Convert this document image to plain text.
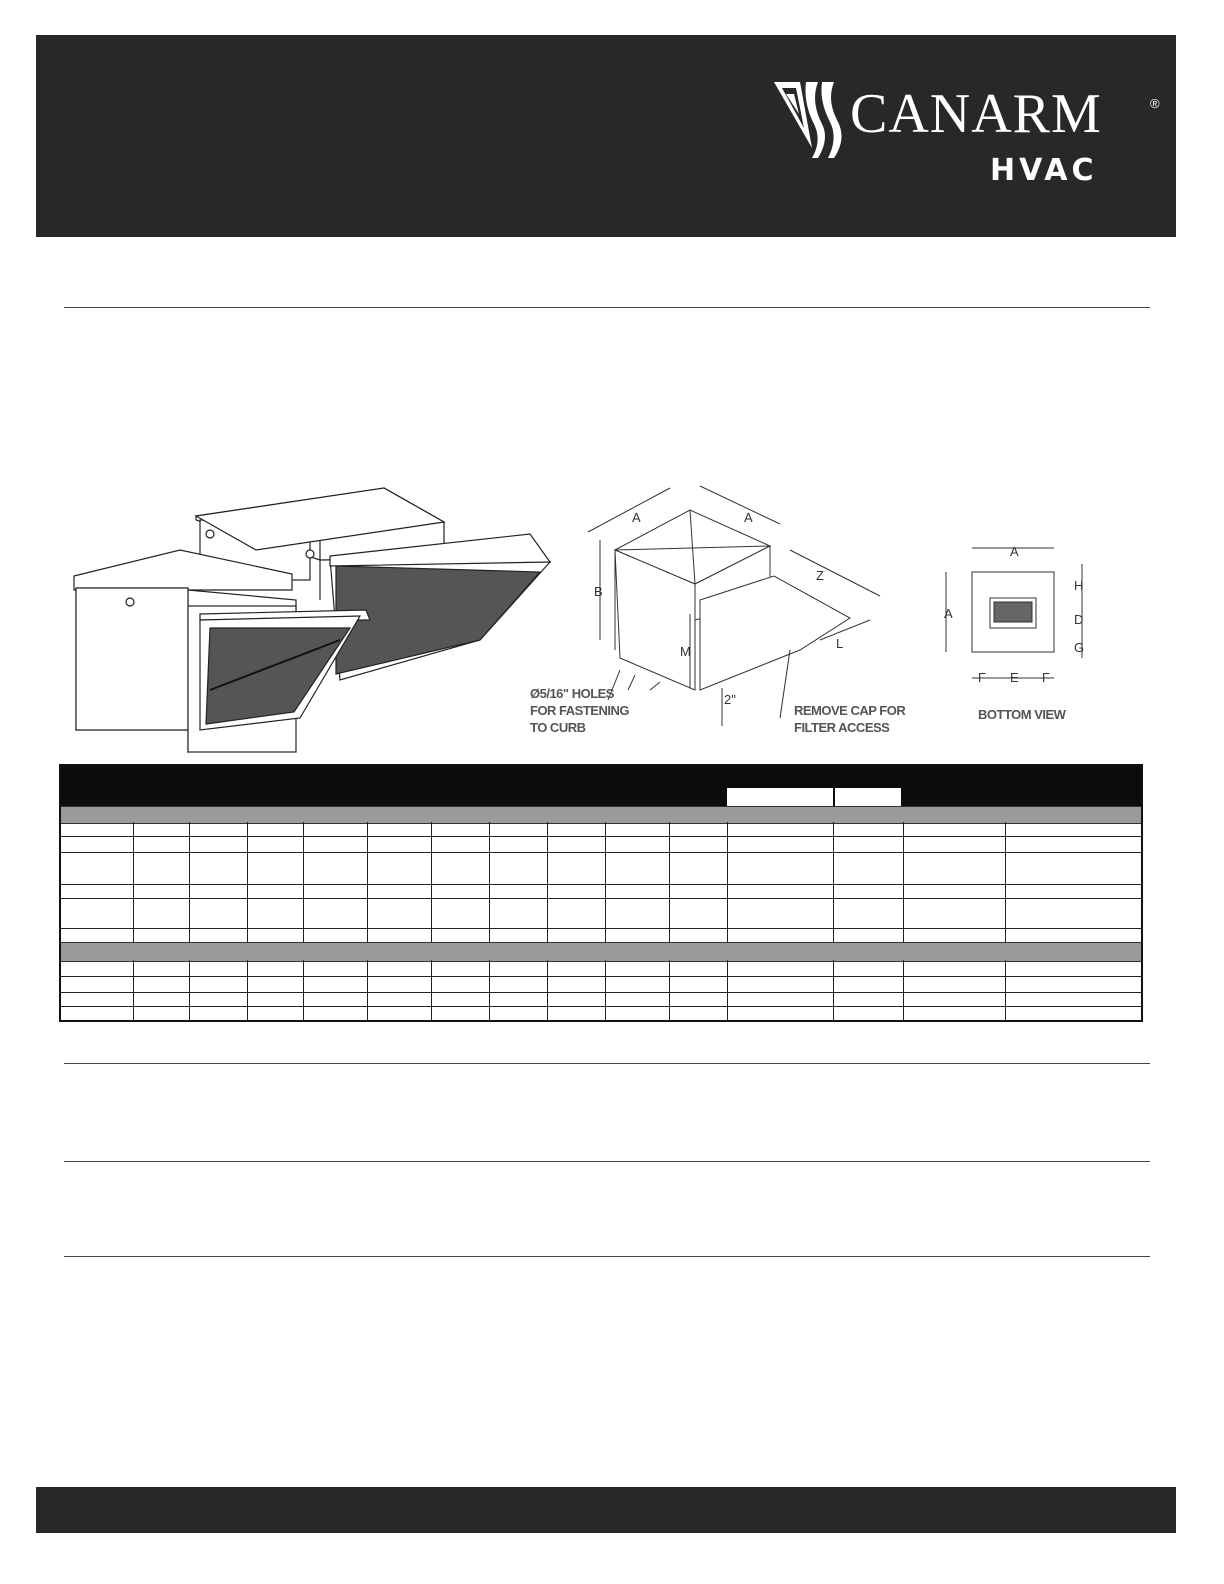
CANARM	®
HVAC
A	A
B
Z
M
L
2"
Ø5/16" HOLES
FOR FASTENING
TO CURB
REMOVE CAP FOR
FILTER ACCESS
A
A
H
D
G
F E F
BOTTOM VIEW
